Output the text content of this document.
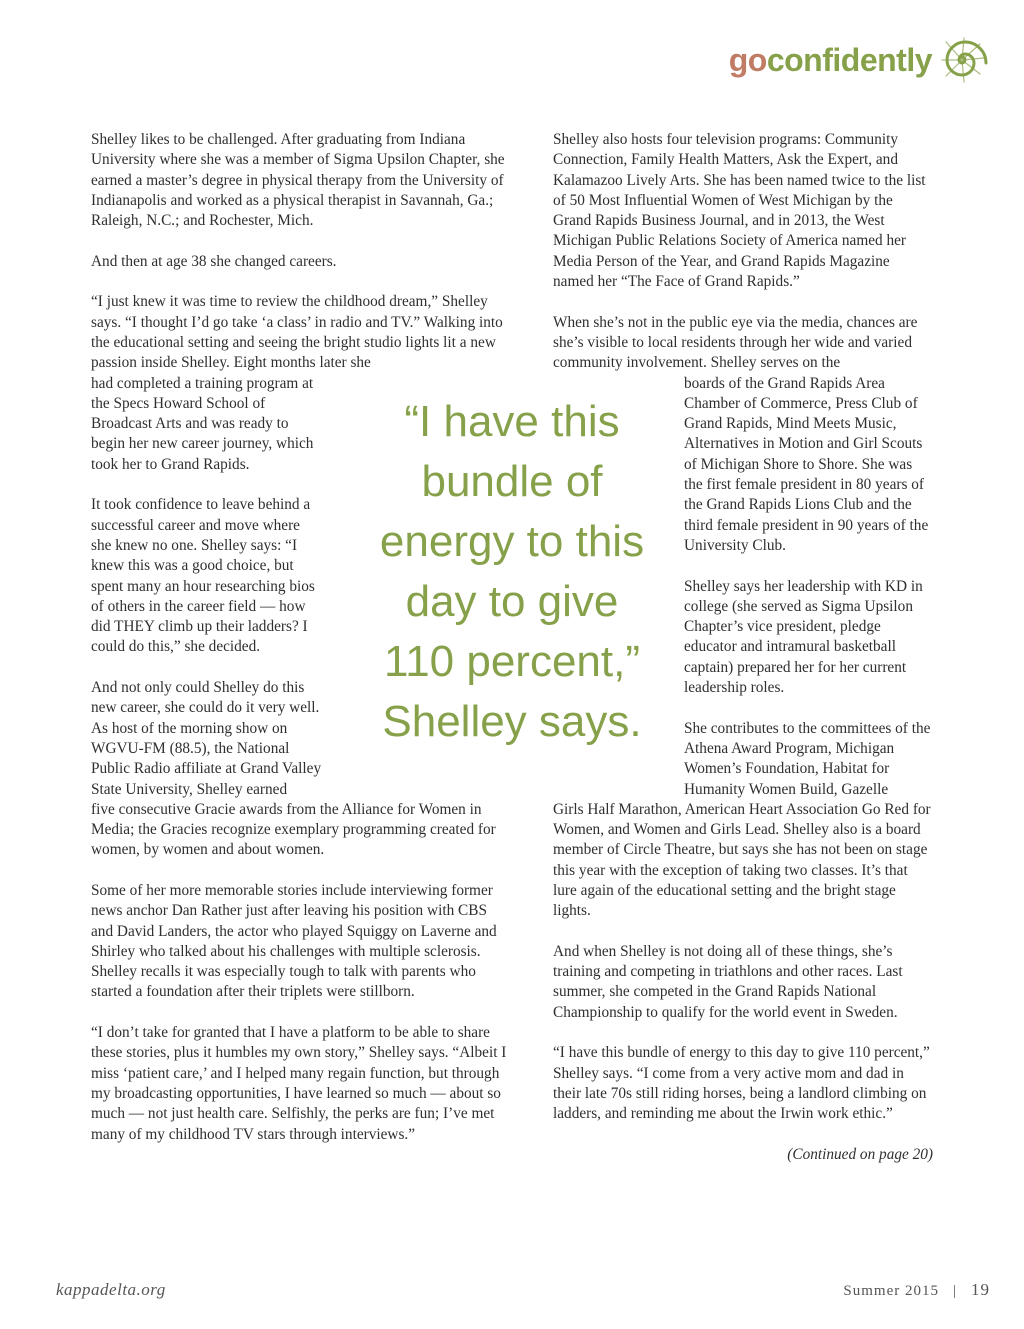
goconfidently

Shelley likes to be challenged. After graduating from Indiana University where she was a member of Sigma Upsilon Chapter, she earned a master’s degree in physical therapy from the University of Indianapolis and worked as a physical therapist in Savannah, Ga.; Raleigh, N.C.; and Rochester, Mich.

And then at age 38 she changed careers.

“I just knew it was time to review the childhood dream,” Shelley says. “I thought I’d go take ‘a class’ in radio and TV.” Walking into the educational setting and seeing the bright studio lights lit a new passion inside Shelley. Eight months later she

had completed a training program at the Specs Howard School of Broadcast Arts and was ready to begin her new career journey, which took her to Grand Rapids.

It took confidence to leave behind a successful career and move where she knew no one. Shelley says: “I knew this was a good choice, but spent many an hour researching bios of others in the career field — how did THEY climb up their ladders? I could do this,” she decided.

And not only could Shelley do this new career, she could do it very well. As host of the morning show on WGVU-FM (88.5), the National Public Radio affiliate at Grand Valley State University, Shelley earned

five consecutive Gracie awards from the Alliance for Women in Media; the Gracies recognize exemplary programming created for women, by women and about women.

Some of her more memorable stories include interviewing former news anchor Dan Rather just after leaving his position with CBS and David Landers, the actor who played Squiggy on Laverne and Shirley who talked about his challenges with multiple sclerosis. Shelley recalls it was especially tough to talk with parents who started a foundation after their triplets were stillborn.

“I don’t take for granted that I have a platform to be able to share these stories, plus it humbles my own story,” Shelley says. “Albeit I miss ‘patient care,’ and I helped many regain function, but through my broadcasting opportunities, I have learned so much — about so much — not just health care. Selfishly, the perks are fun; I’ve met many of my childhood TV stars through interviews.”

“I have this
bundle of
energy to this
day to give
110 percent,”
Shelley says.

Shelley also hosts four television programs: Community Connection, Family Health Matters, Ask the Expert, and Kalamazoo Lively Arts. She has been named twice to the list of 50 Most Influential Women of West Michigan by the Grand Rapids Business Journal, and in 2013, the West Michigan Public Relations Society of America named her Media Person of the Year, and Grand Rapids Magazine named her “The Face of Grand Rapids.”

When she’s not in the public eye via the media, chances are she’s visible to local residents through her wide and varied community involvement. Shelley serves on the

boards of the Grand Rapids Area Chamber of Commerce, Press Club of Grand Rapids, Mind Meets Music, Alternatives in Motion and Girl Scouts of Michigan Shore to Shore. She was the first female president in 80 years of the Grand Rapids Lions Club and the third female president in 90 years of the University Club.

Shelley says her leadership with KD in college (she served as Sigma Upsilon Chapter’s vice president, pledge educator and intramural basketball captain) prepared her for her current leadership roles.

She contributes to the committees of the Athena Award Program, Michigan Women’s Foundation, Habitat for Humanity Women Build, Gazelle

Girls Half Marathon, American Heart Association Go Red for Women, and Women and Girls Lead. Shelley also is a board member of Circle Theatre, but says she has not been on stage this year with the exception of taking two classes. It’s that lure again of the educational setting and the bright stage lights.

And when Shelley is not doing all of these things, she’s training and competing in triathlons and other races. Last summer, she competed in the Grand Rapids National Championship to qualify for the world event in Sweden.

“I have this bundle of energy to this day to give 110 percent,” Shelley says. “I come from a very active mom and dad in their late 70s still riding horses, being a landlord climbing on ladders, and reminding me about the Irwin work ethic.”

(Continued on page 20)

kappadelta.org	Summer 2015 | 19
